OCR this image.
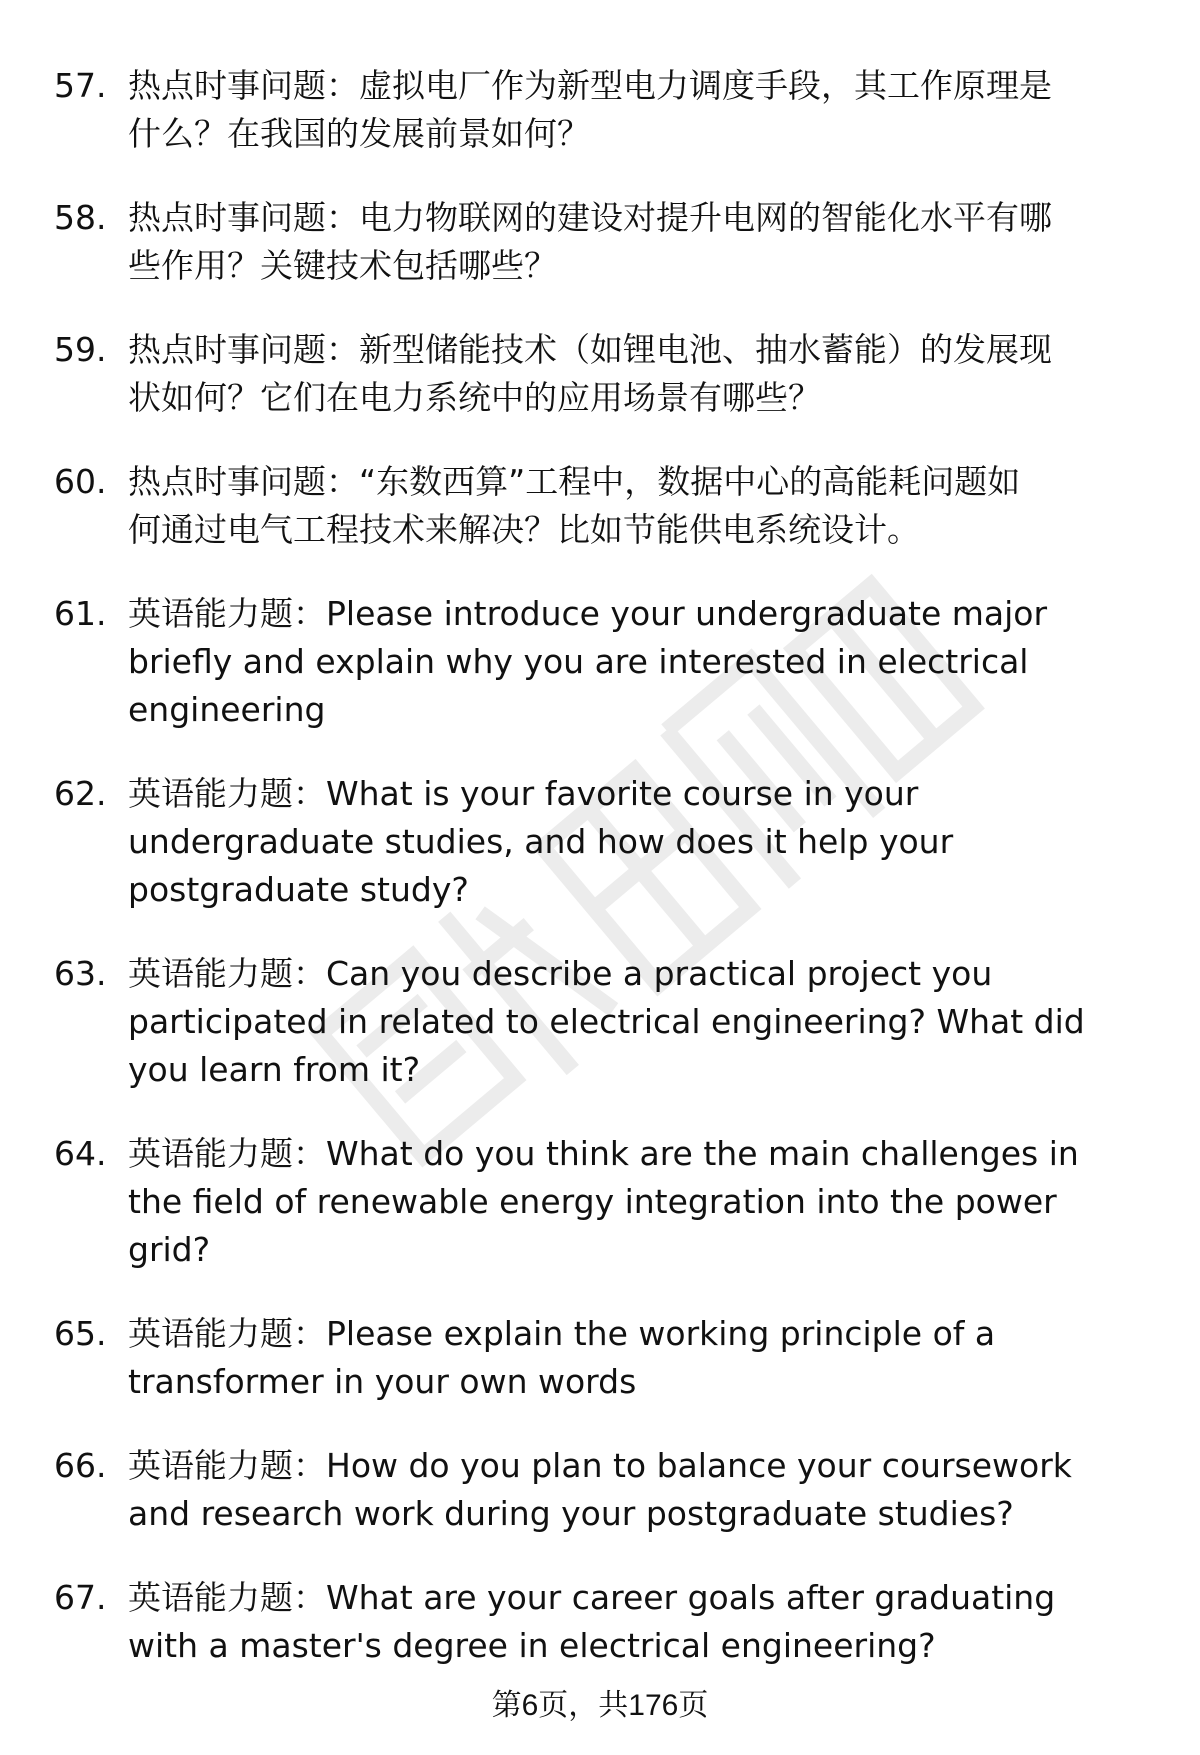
57. 热点时事问题：虚拟电厂作为新型电力调度手段，其工作原理是
什么？在我国的发展前景如何？
58. 热点时事问题：电力物联网的建设对提升电网的智能化水平有哪
些作用？关键技术包括哪些？
59. 热点时事问题：新型储能技术（如锂电池、抽水蓄能）的发展现
状如何？它们在电力系统中的应用场景有哪些？
60. 热点时事问题：“东数西算”工程中，数据中心的高能耗问题如
何通过电气工程技术来解决？比如节能供电系统设计。
61. 英语能力题：Please introduce your undergraduate major
briefly and explain why you are interested in electrical
engineering
62. 英语能力题：What is your favorite course in your
undergraduate studies, and how does it help your
postgraduate study?
63. 英语能力题：Can you describe a practical project you
participated in related to electrical engineering? What did
you learn from it?
64. 英语能力题：What do you think are the main challenges in
the field of renewable energy integration into the power
grid?
65. 英语能力题：Please explain the working principle of a
transformer in your own words
66. 英语能力题：How do you plan to balance your coursework
and research work during your postgraduate studies?
67. 英语能力题：What are your career goals after graduating
with a master's degree in electrical engineering?
第6页，共176页
